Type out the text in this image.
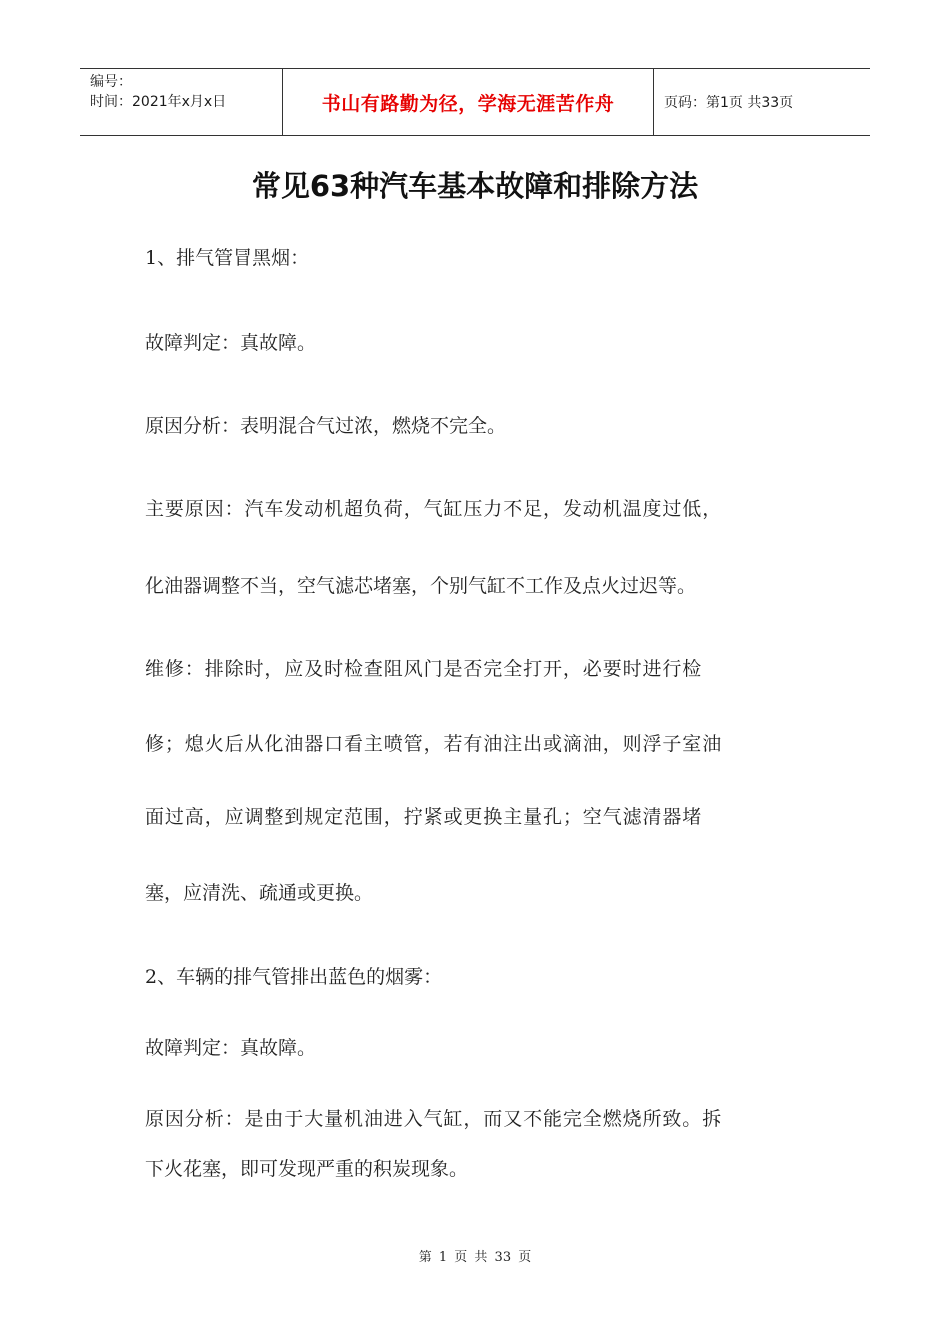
编号：
时间：2021年x月x日	书山有路勤为径，学海无涯苦作舟	页码：第1页 共33页
常见63种汽车基本故障和排除方法
1、排气管冒黑烟：
故障判定：真故障。
原因分析：表明混合气过浓，燃烧不完全。
主要原因：汽车发动机超负荷，气缸压力不足，发动机温度过低，
化油器调整不当，空气滤芯堵塞，个别气缸不工作及点火过迟等。
维修：排除时，应及时检查阻风门是否完全打开，必要时进行检
修；熄火后从化油器口看主喷管，若有油注出或滴油，则浮子室油
面过高，应调整到规定范围，拧紧或更换主量孔；空气滤清器堵
塞，应清洗、疏通或更换。
2、车辆的排气管排出蓝色的烟雾：
故障判定：真故障。
原因分析：是由于大量机油进入气缸，而又不能完全燃烧所致。拆
下火花塞，即可发现严重的积炭现象。
第 1 页 共 33 页
